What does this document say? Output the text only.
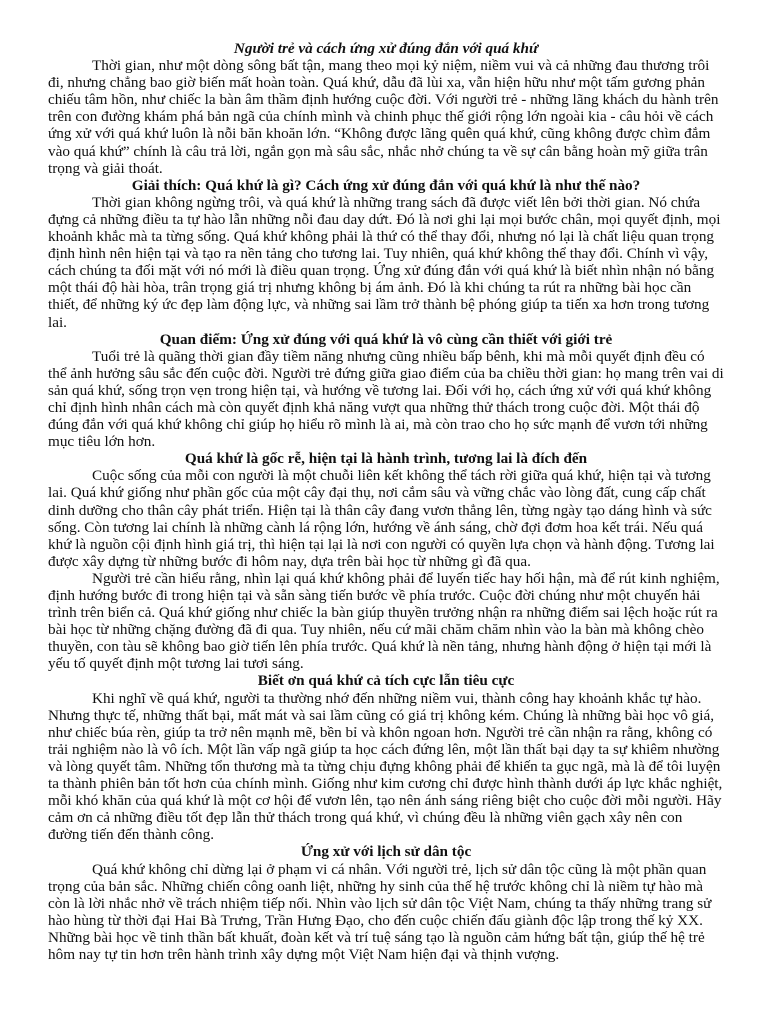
Người trẻ và cách ứng xử đúng đắn với quá khứ

Thời gian, như một dòng sông bất tận, mang theo mọi kỷ niệm, niềm vui và cả những đau thương trôi đi, nhưng chẳng bao giờ biến mất hoàn toàn. Quá khứ, dẫu đã lùi xa, vẫn hiện hữu như một tấm gương phản chiếu tâm hồn, như chiếc la bàn âm thầm định hướng cuộc đời. Với người trẻ - những lãng khách du hành trên trên con đường khám phá bản ngã của chính mình và chinh phục thế giới rộng lớn ngoài kia - câu hỏi về cách ứng xử với quá khứ luôn là nỗi băn khoăn lớn. “Không được lãng quên quá khứ, cũng không được chìm đắm vào quá khứ” chính là câu trả lời, ngắn gọn mà sâu sắc, nhắc nhở chúng ta về sự cân bằng hoàn mỹ giữa trân trọng và giải thoát.

Giải thích: Quá khứ là gì? Cách ứng xử đúng đắn với quá khứ là như thế nào?

Thời gian không ngừng trôi, và quá khứ là những trang sách đã được viết lên bởi thời gian. Nó chứa đựng cả những điều ta tự hào lẫn những nỗi đau day dứt. Đó là nơi ghi lại mọi bước chân, mọi quyết định, mọi khoảnh khắc mà ta từng sống. Quá khứ không phải là thứ có thể thay đổi, nhưng nó lại là chất liệu quan trọng định hình nên hiện tại và tạo ra nền tảng cho tương lai. Tuy nhiên, quá khứ không thể thay đổi. Chính vì vậy, cách chúng ta đối mặt với nó mới là điều quan trọng. Ứng xử đúng đắn với quá khứ là biết nhìn nhận nó bằng một thái độ hài hòa, trân trọng giá trị nhưng không bị ám ảnh. Đó là khi chúng ta rút ra những bài học cần thiết, để những ký ức đẹp làm động lực, và những sai lầm trở thành bệ phóng giúp ta tiến xa hơn trong tương lai.

Quan điểm: Ứng xử đúng với quá khứ là vô cùng cần thiết với giới trẻ

Tuổi trẻ là quãng thời gian đầy tiềm năng nhưng cũng nhiều bấp bênh, khi mà mỗi quyết định đều có thể ảnh hưởng sâu sắc đến cuộc đời. Người trẻ đứng giữa giao điểm của ba chiều thời gian: họ mang trên vai di sản quá khứ, sống trọn vẹn trong hiện tại, và hướng về tương lai. Đối với họ, cách ứng xử với quá khứ không chỉ định hình nhân cách mà còn quyết định khả năng vượt qua những thử thách trong cuộc đời. Một thái độ đúng đắn với quá khứ không chỉ giúp họ hiểu rõ mình là ai, mà còn trao cho họ sức mạnh để vươn tới những mục tiêu lớn hơn.

Quá khứ là gốc rễ, hiện tại là hành trình, tương lai là đích đến

Cuộc sống của mỗi con người là một chuỗi liên kết không thể tách rời giữa quá khứ, hiện tại và tương lai. Quá khứ giống như phần gốc của một cây đại thụ, nơi cắm sâu và vững chắc vào lòng đất, cung cấp chất dinh dưỡng cho thân cây phát triển. Hiện tại là thân cây đang vươn thẳng lên, từng ngày tạo dáng hình và sức sống. Còn tương lai chính là những cành lá rộng lớn, hướng về ánh sáng, chờ đợi đơm hoa kết trái. Nếu quá khứ là nguồn cội định hình giá trị, thì hiện tại lại là nơi con người có quyền lựa chọn và hành động. Tương lai được xây dựng từ những bước đi hôm nay, dựa trên bài học từ những gì đã qua.

Người trẻ cần hiểu rằng, nhìn lại quá khứ không phải để luyến tiếc hay hối hận, mà để rút kinh nghiệm, định hướng bước đi trong hiện tại và sẵn sàng tiến bước về phía trước. Cuộc đời chúng như một chuyến hải trình trên biển cả. Quá khứ giống như chiếc la bàn giúp thuyền trưởng nhận ra những điểm sai lệch hoặc rút ra bài học từ những chặng đường đã đi qua. Tuy nhiên, nếu cứ mãi chăm chăm nhìn vào la bàn mà không chèo thuyền, con tàu sẽ không bao giờ tiến lên phía trước. Quá khứ là nền tảng, nhưng hành động ở hiện tại mới là yếu tố quyết định một tương lai tươi sáng.

Biết ơn quá khứ cả tích cực lẫn tiêu cực

Khi nghĩ về quá khứ, người ta thường nhớ đến những niềm vui, thành công hay khoảnh khắc tự hào. Nhưng thực tế, những thất bại, mất mát và sai lầm cũng có giá trị không kém. Chúng là những bài học vô giá, như chiếc búa rèn, giúp ta trở nên mạnh mẽ, bền bỉ và khôn ngoan hơn. Người trẻ cần nhận ra rằng, không có trải nghiệm nào là vô ích. Một lần vấp ngã giúp ta học cách đứng lên, một lần thất bại dạy ta sự khiêm nhường và lòng quyết tâm. Những tổn thương mà ta từng chịu đựng không phải để khiến ta gục ngã, mà là để tôi luyện ta thành phiên bản tốt hơn của chính mình. Giống như kim cương chỉ được hình thành dưới áp lực khắc nghiệt, mỗi khó khăn của quá khứ là một cơ hội để vươn lên, tạo nên ánh sáng riêng biệt cho cuộc đời mỗi người. Hãy cảm ơn cả những điều tốt đẹp lẫn thử thách trong quá khứ, vì chúng đều là những viên gạch xây nên con đường tiến đến thành công.

Ứng xử với lịch sử dân tộc

Quá khứ không chỉ dừng lại ở phạm vi cá nhân. Với người trẻ, lịch sử dân tộc cũng là một phần quan trọng của bản sắc. Những chiến công oanh liệt, những hy sinh của thế hệ trước không chỉ là niềm tự hào mà còn là lời nhắc nhở về trách nhiệm tiếp nối. Nhìn vào lịch sử dân tộc Việt Nam, chúng ta thấy những trang sử hào hùng từ thời đại Hai Bà Trưng, Trần Hưng Đạo, cho đến cuộc chiến đấu giành độc lập trong thế kỷ XX. Những bài học về tinh thần bất khuất, đoàn kết và trí tuệ sáng tạo là nguồn cảm hứng bất tận, giúp thế hệ trẻ hôm nay tự tin hơn trên hành trình xây dựng một Việt Nam hiện đại và thịnh vượng.
